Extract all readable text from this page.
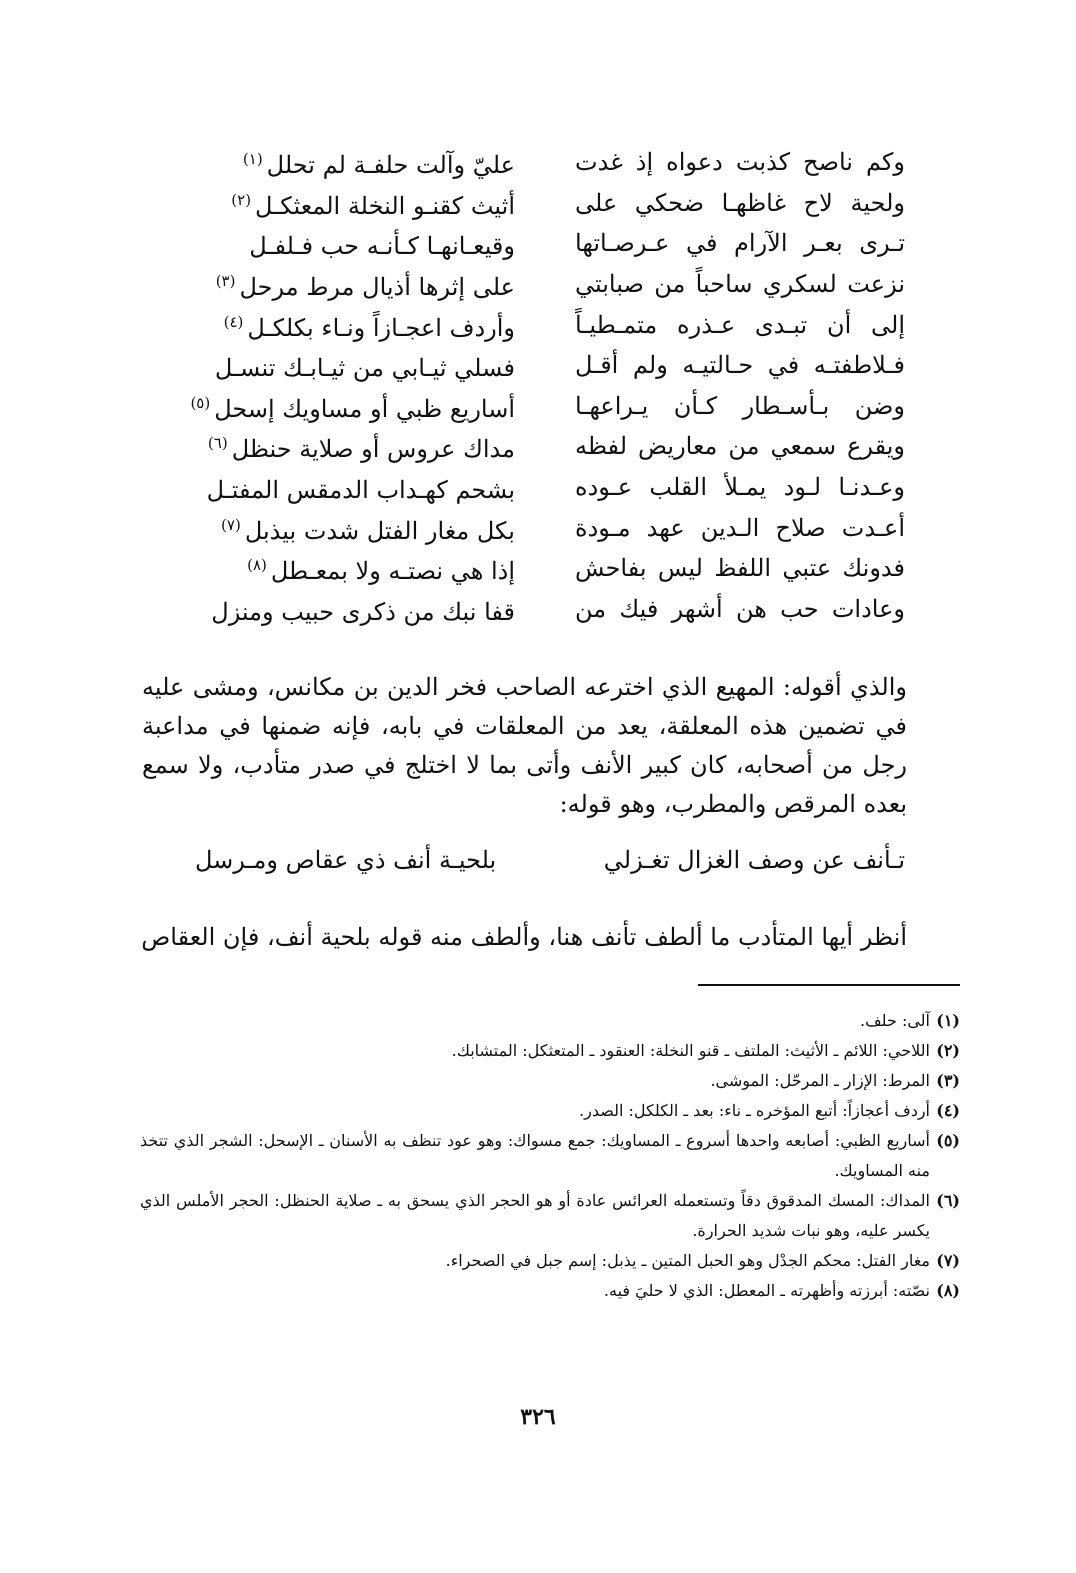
وكم ناصح كذبت دعواه إذ غدت
عليّ وآلت حلفـة لم تحلل$^{(١)}$
ولحية لاح غاظهـا ضحكي على
أثيث كقنـو النخلة المعثكـل$^{(٢)}$
تـرى بعـر الآرام في عـرصـاتها
وقيعـانهـا كـأنـه حب فـلفـل
نزعت لسكري ساحباً من صبابتي
على إثرها أذيال مرط مرحل$^{(٣)}$
إلى أن تبـدى عـذره متمـطيـاً
وأردف اعجـازاً ونـاء بكلكـل$^{(٤)}$
فـلاطفتـه في حـالتيـه ولم أقـل
فسلي ثيـابي من ثيـابـك تنسـل
وضن بـأسـطار كـأن يـراعهـا
أساريع ظبي أو مساويك إسحل$^{(٥)}$
ويقرع سمعي من معاريض لفظه
مداك عروس أو صلاية حنظل$^{(٦)}$
وعـدنـا لـود يمـلأ القلب عـوده
بشحم كهـداب الدمقس المفتـل
أعـدت صلاح الـدين عهد مـودة
بكل مغار الفتل شدت بيذبل$^{(٧)}$
فدونك عتبي اللفظ ليس بفاحش
إذا هي نصتـه ولا بمعـطل$^{(٨)}$
وعادات حب هن أشهر فيك من
قفا نبك من ذكرى حبيب ومنزل

والذي أقوله: المهيع الذي اخترعه الصاحب فخر الدين بن مكانس، ومشى عليه في تضمين هذه المعلقة، يعد من المعلقات في بابه، فإنه ضمنها في مداعبة رجل من أصحابه، كان كبير الأنف وأتى بما لا اختلج في صدر متأدب، ولا سمع بعده المرقص والمطرب، وهو قوله:

تـأنف عن وصف الغزال تغـزلي
بلحيـة أنف ذي عقاص ومـرسل
أنظر أيها المتأدب ما ألطف تأنف هنا، وألطف منه قوله بلحية أنف، فإن العقاص
(١)
آلى: حلف.
(٢)
اللاحي: اللائم ـ الأثيث: الملتف ـ قنو النخلة: العنقود ـ المتعثكل: المتشابك.
(٣)
المرط: الإزار ـ المرحّل: الموشى.
(٤)
أردف أعجازاً: أتبع المؤخره ـ ناء: بعد ـ الكلكل: الصدر.
(٥)
أساريع الظبي: أصابعه واحدها أسروع ـ المساويك: جمع مسواك: وهو عود تنظف به الأسنان ـ الإسحل: الشجر الذي تتخذ منه المساويك.
(٦)
المداك: المسك المدقوق دقاً وتستعمله العرائس عادة أو هو الحجر الذي يسحق به ـ صلاية الحنظل: الحجر الأملس الذي يكسر عليه، وهو نبات شديد الحرارة.
(٧)
مغار الفتل: محكم الجدْل وهو الحبل المتين ـ يذبل: إسم جبل في الصحراء.
(٨)
نصّته: أبرزته وأظهرته ـ المعطل: الذي لا حليَ فيه.
٣٢٦
